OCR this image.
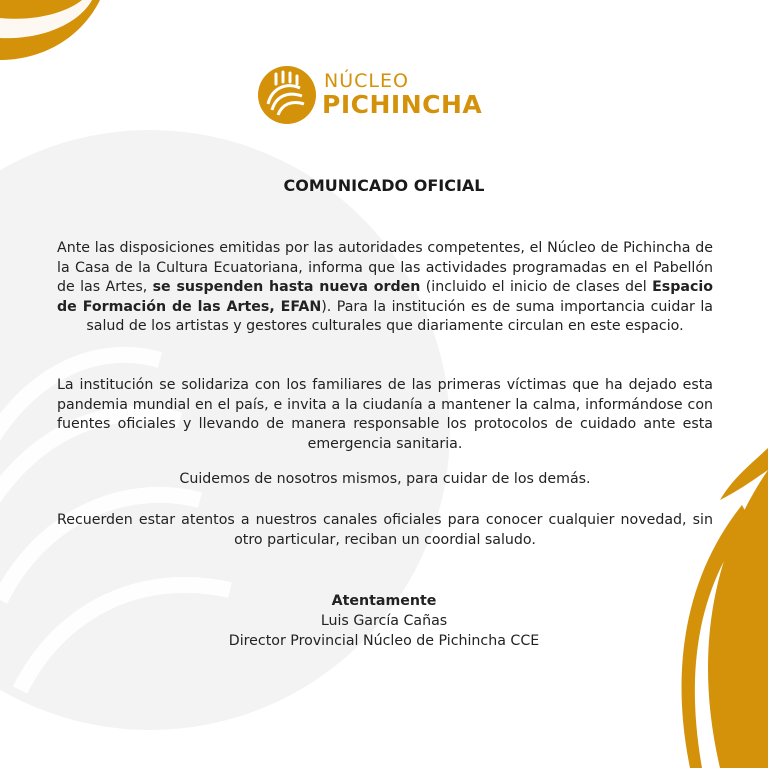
NÚCLEO
PICHINCHA
COMUNICADO OFICIAL
Ante las disposiciones emitidas por las autoridades competentes, el Núcleo de Pichincha de la Casa de la Cultura Ecuatoriana, informa que las actividades programadas en el Pabellón de las Artes, se suspenden hasta nueva orden (incluido el inicio de clases del Espacio de Formación de las Artes, EFAN). Para la institución es de suma importancia cuidar la salud de los artistas y gestores culturales que diariamente circulan en este espacio.
La institución se solidariza con los familiares de las primeras víctimas que ha dejado esta pandemia mundial en el país, e invita a la ciudanía a mantener la calma, informándose con fuentes oficiales y llevando de manera responsable los protocolos de cuidado ante esta emergencia sanitaria.
Cuidemos de nosotros mismos, para cuidar de los demás.
Recuerden estar atentos a nuestros canales oficiales para conocer cualquier novedad, sin otro particular, reciban un coordial saludo.
Atentamente
Luis García Cañas
Director Provincial Núcleo de Pichincha CCE
